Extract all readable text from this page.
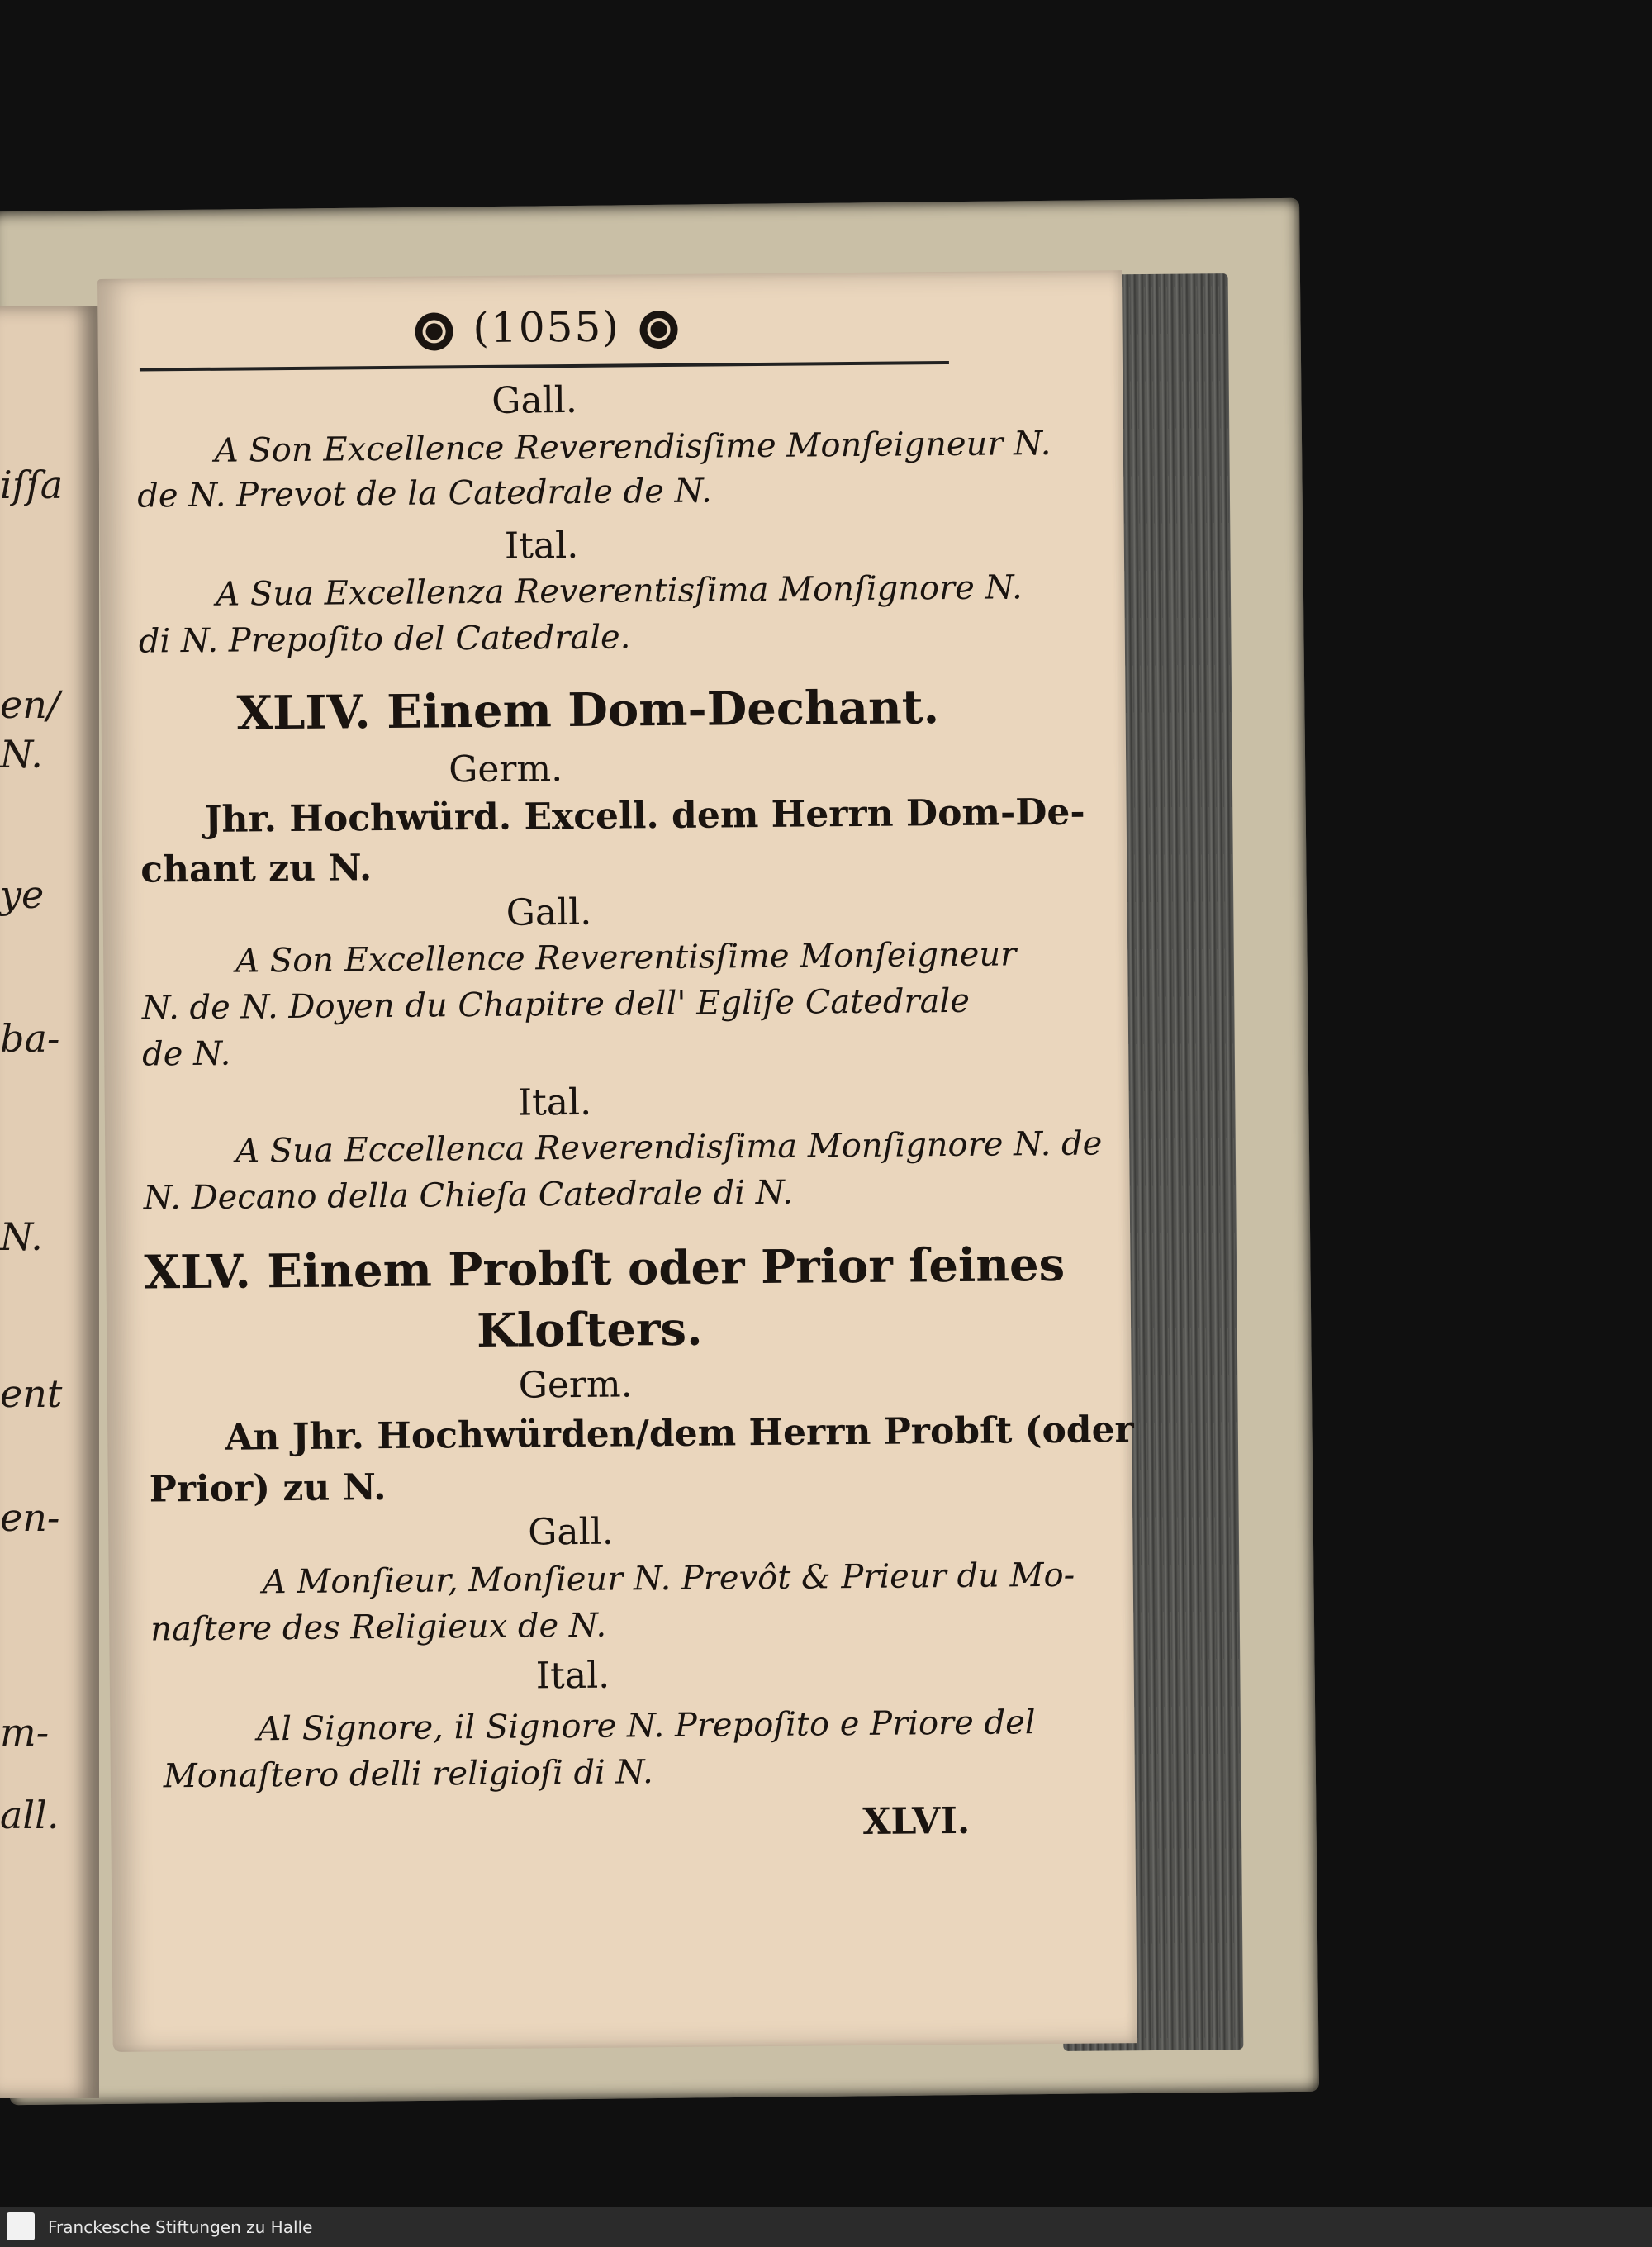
iſſa
en/
N.
ye
ba-
N.
ent
en-
m-
all.
(1055)
Gall.
A Son Excellence Reverendisſime Monſeigneur N.
de N. Prevot de la Catedrale de N.
Ital.
A Sua Excellenza Reverentisſima Monſignore N.
di N. Prepoſito del Catedrale.
XLIV. Einem Dom-Dechant.
Germ.
Jhr. Hochwürd. Excell. dem Herrn Dom-De-
chant zu N.
Gall.
A Son Excellence Reverentisſime Monſeigneur
N. de N. Doyen du Chapitre dell' Egliſe Catedrale
de N.
Ital.
A Sua Eccellenca Reverendisſima Monſignore N. de
N. Decano della Chieſa Catedrale di N.
XLV. Einem Probſt oder Prior ſeines
Kloſters.
Germ.
An Jhr. Hochwürden/dem Herrn Probſt (oder
Prior) zu N.
Gall.
A Monſieur, Monſieur N. Prevôt & Prieur du Mo-
naſtere des Religieux de N.
Ital.
Al Signore, il Signore N. Prepoſito e Priore del
Monaſtero delli religioſi di N.
XLVI.
Franckesche Stiftungen zu Halle
